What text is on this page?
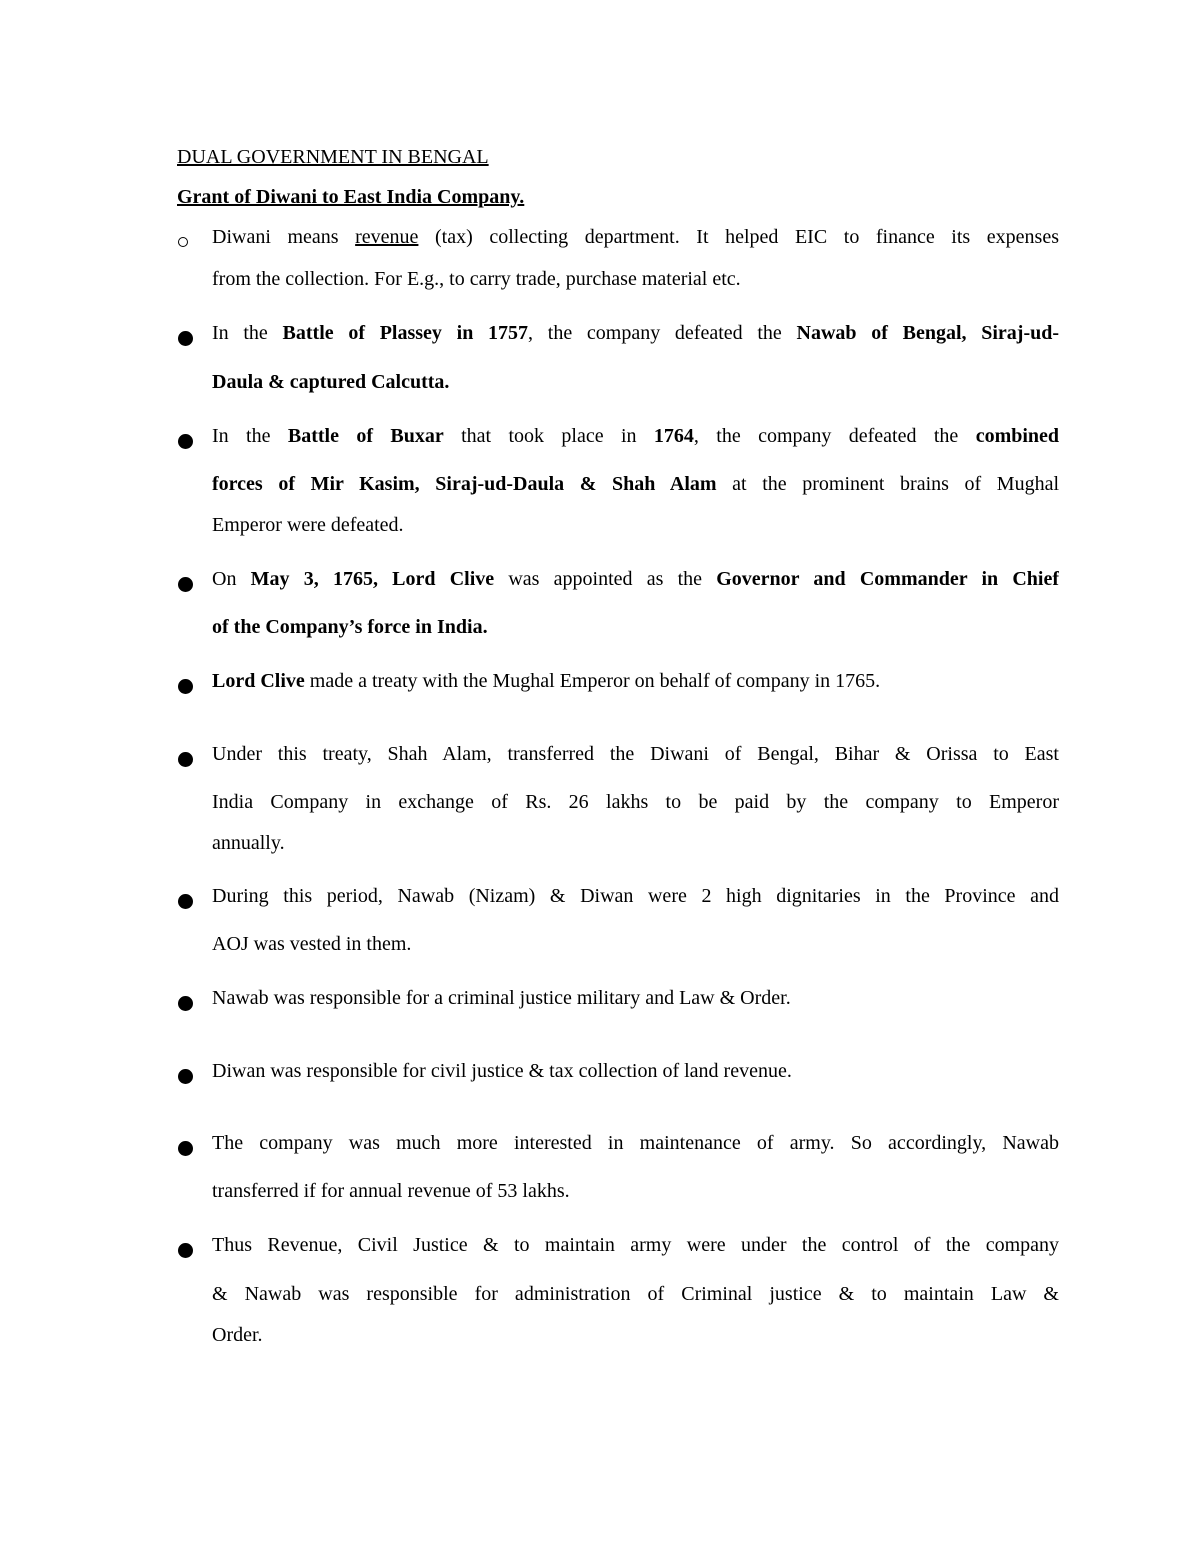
DUAL GOVERNMENT IN BENGAL
Grant of Diwani to East India Company.
Diwani means revenue (tax) collecting department. It helped EIC to finance its expenses
from the collection. For E.g., to carry trade, purchase material etc.
In the Battle of Plassey in 1757, the company defeated the Nawab of Bengal, Siraj-ud-
Daula & captured Calcutta.
In the Battle of Buxar that took place in 1764, the company defeated the combined
forces of Mir Kasim, Siraj-ud-Daula & Shah Alam at the prominent brains of Mughal
Emperor were defeated.
On May 3, 1765, Lord Clive was appointed as the Governor and Commander in Chief
of the Company’s force in India.
Lord Clive made a treaty with the Mughal Emperor on behalf of company in 1765.
Under this treaty, Shah Alam, transferred the Diwani of Bengal, Bihar & Orissa to East
India Company in exchange of Rs. 26 lakhs to be paid by the company to Emperor
annually.
During this period, Nawab (Nizam) & Diwan were 2 high dignitaries in the Province and
AOJ was vested in them.
Nawab was responsible for a criminal justice military and Law & Order.
Diwan was responsible for civil justice & tax collection of land revenue.
The company was much more interested in maintenance of army. So accordingly, Nawab
transferred if for annual revenue of 53 lakhs.
Thus Revenue, Civil Justice & to maintain army were under the control of the company
& Nawab was responsible for administration of Criminal justice & to maintain Law &
Order.
